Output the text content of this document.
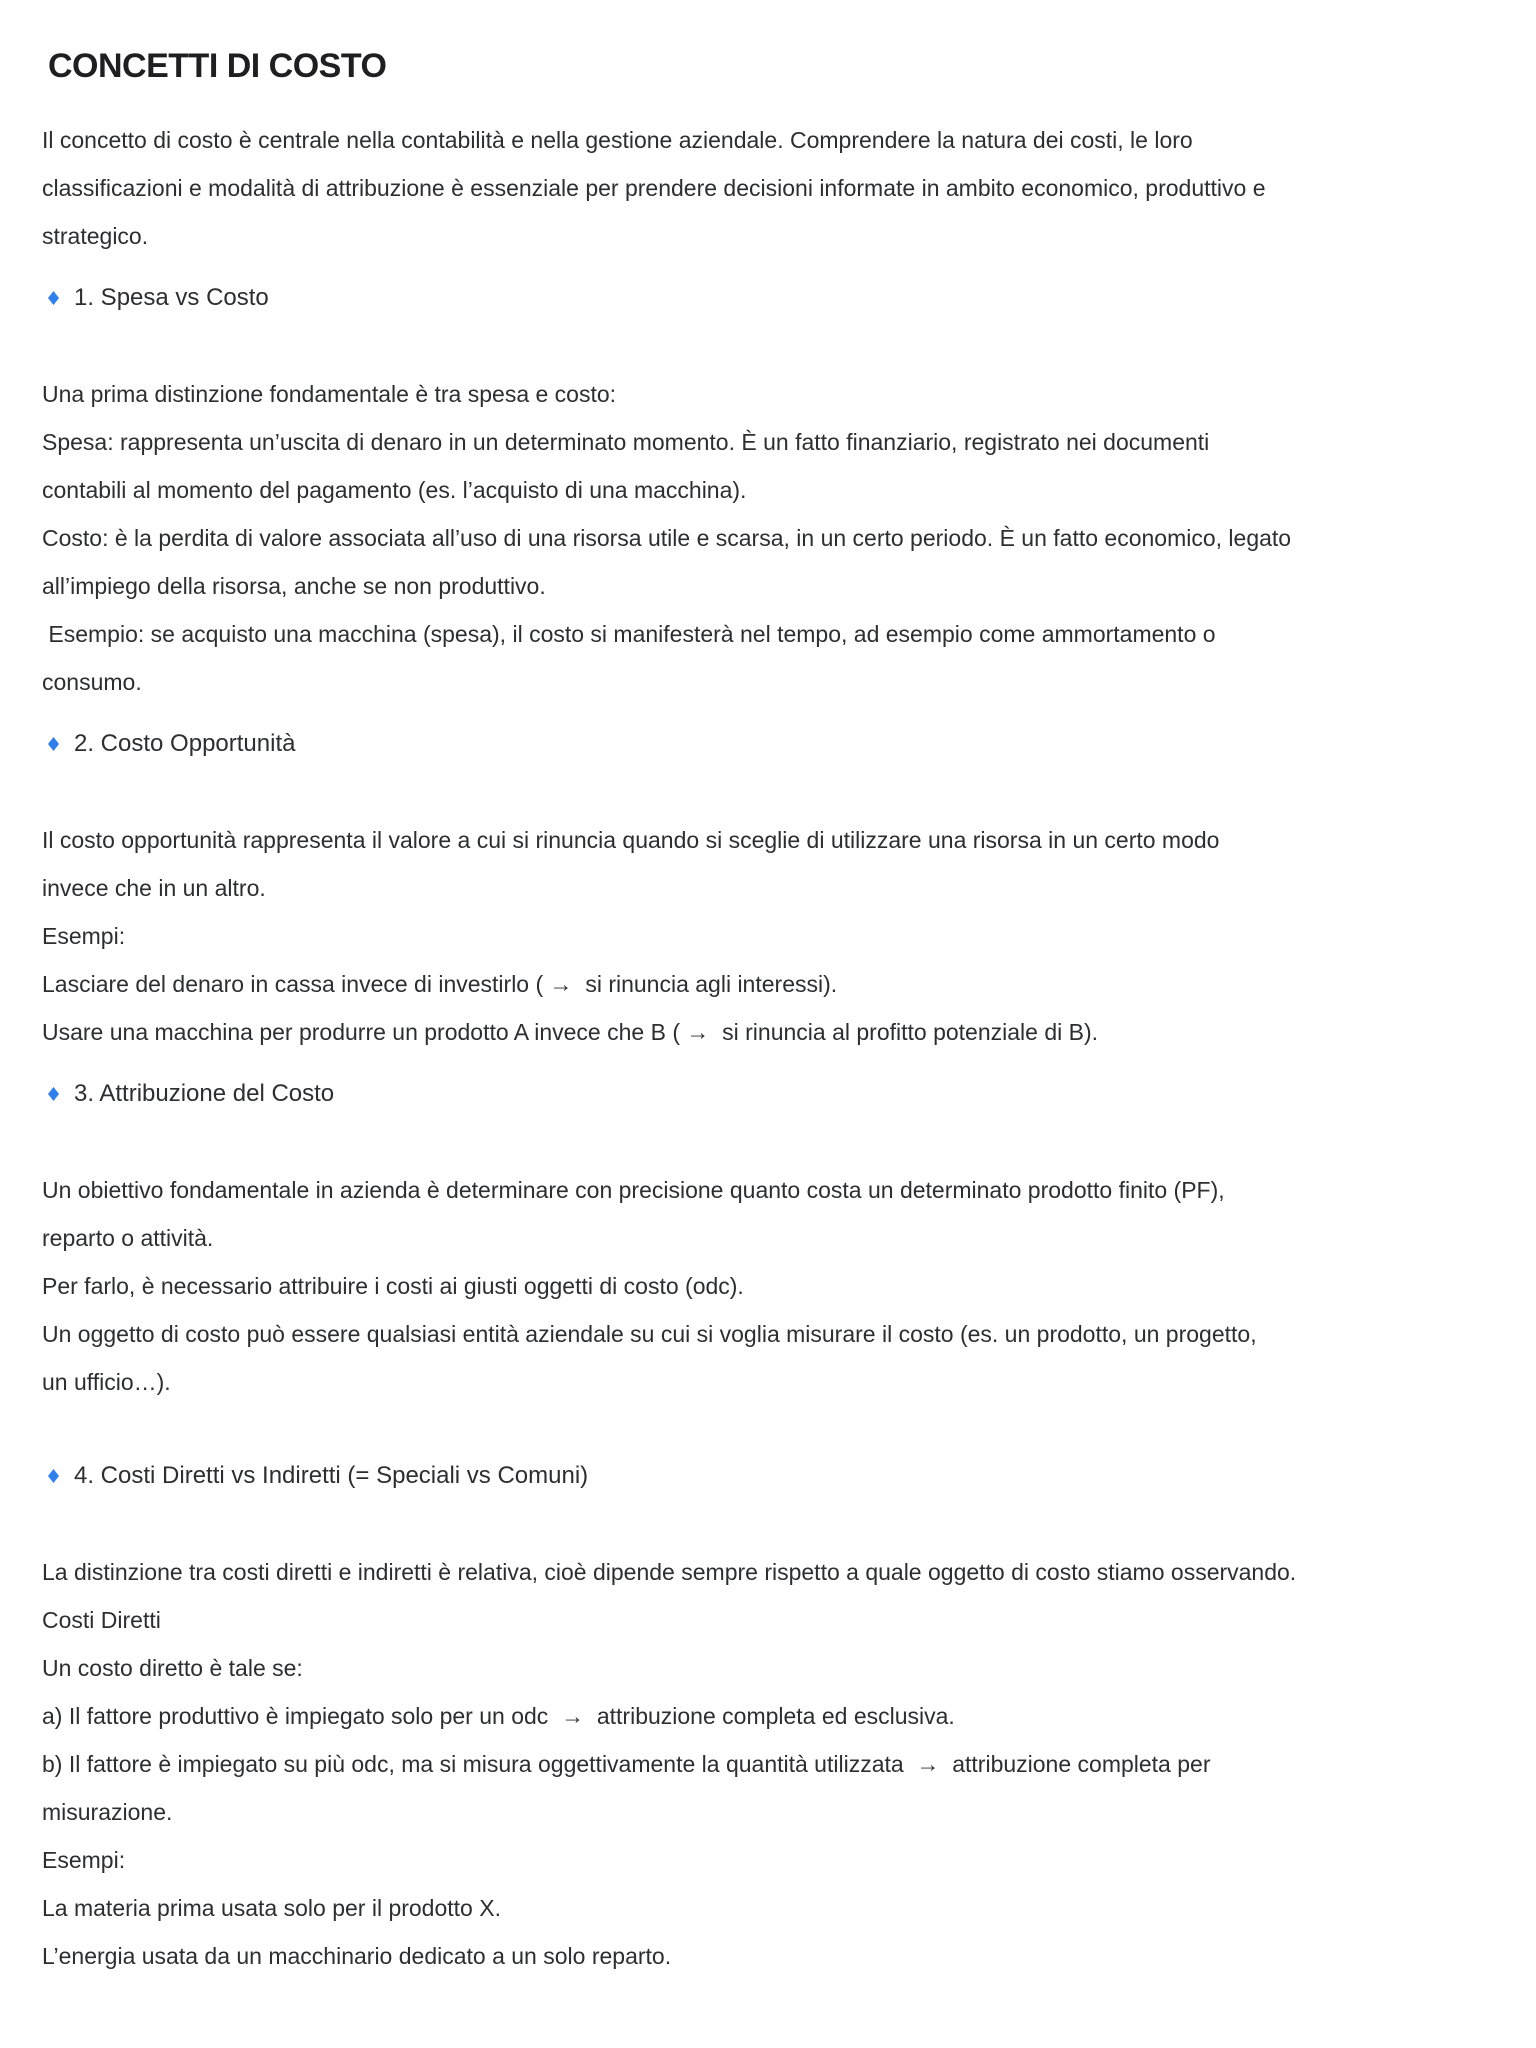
CONCETTI DI COSTO
Il concetto di costo è centrale nella contabilità e nella gestione aziendale. Comprendere la natura dei costi, le loro
classificazioni e modalità di attribuzione è essenziale per prendere decisioni informate in ambito economico, produttivo e
strategico.
1. Spesa vs Costo
Una prima distinzione fondamentale è tra spesa e costo:
Spesa: rappresenta un’uscita di denaro in un determinato momento. È un fatto finanziario, registrato nei documenti
contabili al momento del pagamento (es. l’acquisto di una macchina).
Costo: è la perdita di valore associata all’uso di una risorsa utile e scarsa, in un certo periodo. È un fatto economico, legato
all’impiego della risorsa, anche se non produttivo.
Esempio: se acquisto una macchina (spesa), il costo si manifesterà nel tempo, ad esempio come ammortamento o
consumo.
2. Costo Opportunità
Il costo opportunità rappresenta il valore a cui si rinuncia quando si sceglie di utilizzare una risorsa in un certo modo
invece che in un altro.
Esempi:
Lasciare del denaro in cassa invece di investirlo ( →  si rinuncia agli interessi).
Usare una macchina per produrre un prodotto A invece che B ( →  si rinuncia al profitto potenziale di B).
3. Attribuzione del Costo
Un obiettivo fondamentale in azienda è determinare con precisione quanto costa un determinato prodotto finito (PF),
reparto o attività.
Per farlo, è necessario attribuire i costi ai giusti oggetti di costo (odc).
Un oggetto di costo può essere qualsiasi entità aziendale su cui si voglia misurare il costo (es. un prodotto, un progetto,
un ufficio…).
4. Costi Diretti vs Indiretti (= Speciali vs Comuni)
La distinzione tra costi diretti e indiretti è relativa, cioè dipende sempre rispetto a quale oggetto di costo stiamo osservando.
Costi Diretti
Un costo diretto è tale se:
a) Il fattore produttivo è impiegato solo per un odc  →  attribuzione completa ed esclusiva.
b) Il fattore è impiegato su più odc, ma si misura oggettivamente la quantità utilizzata  →  attribuzione completa per
misurazione.
Esempi:
La materia prima usata solo per il prodotto X.
L’energia usata da un macchinario dedicato a un solo reparto.
